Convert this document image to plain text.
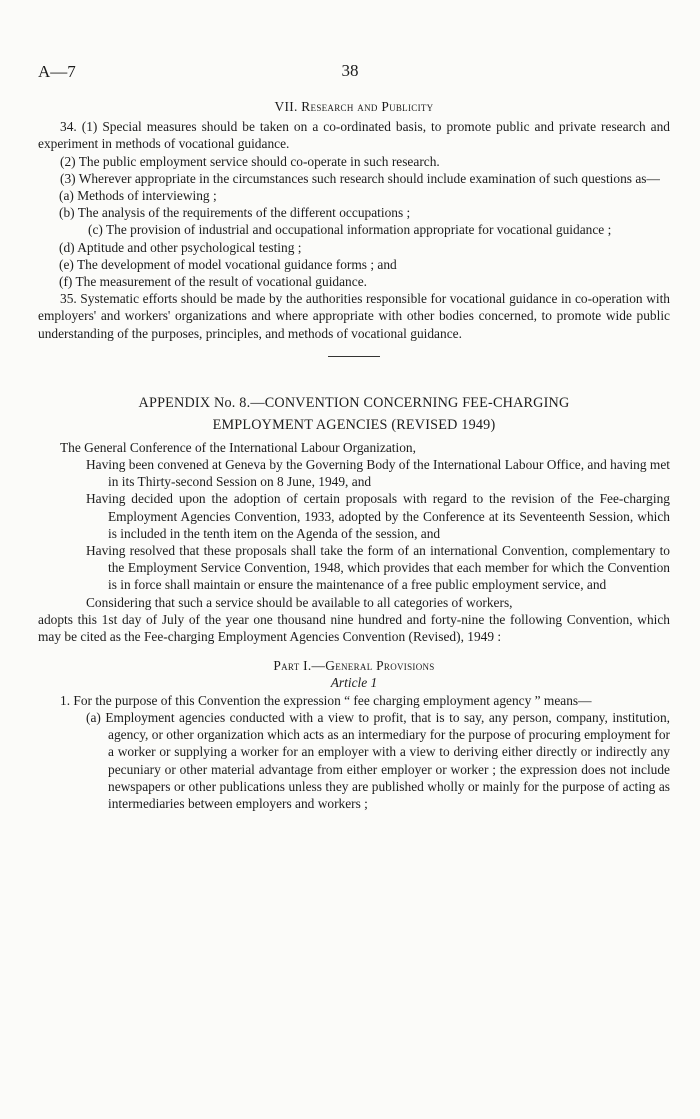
A—7	38

VII. Research and Publicity

34. (1) Special measures should be taken on a co-ordinated basis, to promote public and private research and experiment in methods of vocational guidance.

(2) The public employment service should co-operate in such research.

(3) Wherever appropriate in the circumstances such research should include examination of such questions as—

(a) Methods of interviewing ;

(b) The analysis of the requirements of the different occupations ;

(c) The provision of industrial and occupational information appropriate for vocational guidance ;

(d) Aptitude and other psychological testing ;

(e) The development of model vocational guidance forms ; and

(f) The measurement of the result of vocational guidance.

35. Systematic efforts should be made by the authorities responsible for vocational guidance in co-operation with employers' and workers' organizations and where appropriate with other bodies concerned, to promote wide public understanding of the purposes, principles, and methods of vocational guidance.

APPENDIX No. 8.—CONVENTION CONCERNING FEE-CHARGING

EMPLOYMENT AGENCIES (REVISED 1949)

The General Conference of the International Labour Organization,

Having been convened at Geneva by the Governing Body of the International Labour Office, and having met in its Thirty-second Session on 8 June, 1949, and

Having decided upon the adoption of certain proposals with regard to the revision of the Fee-charging Employment Agencies Convention, 1933, adopted by the Conference at its Seventeenth Session, which is included in the tenth item on the Agenda of the session, and

Having resolved that these proposals shall take the form of an international Convention, complementary to the Employment Service Convention, 1948, which provides that each member for which the Convention is in force shall maintain or ensure the maintenance of a free public employment service, and

Considering that such a service should be available to all categories of workers,

adopts this 1st day of July of the year one thousand nine hundred and forty-nine the following Convention, which may be cited as the Fee-charging Employment Agencies Convention (Revised), 1949 :

Part I.—General Provisions

Article 1

1. For the purpose of this Convention the expression “ fee charging employment agency ” means—

(a) Employment agencies conducted with a view to profit, that is to say, any person, company, institution, agency, or other organization which acts as an intermediary for the purpose of procuring employment for a worker or supplying a worker for an employer with a view to deriving either directly or indirectly any pecuniary or other material advantage from either employer or worker ; the expression does not include newspapers or other publications unless they are published wholly or mainly for the purpose of acting as intermediaries between employers and workers ;
